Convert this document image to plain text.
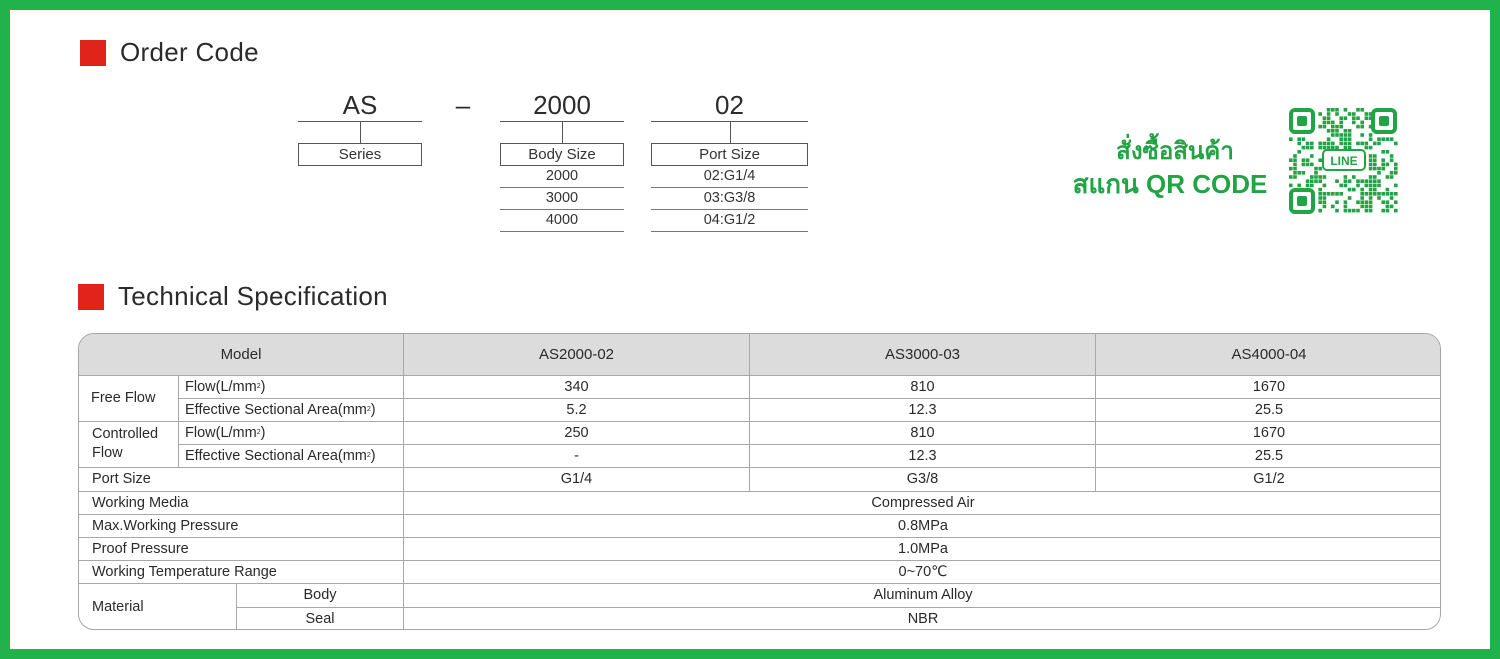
Order Code
AS
Series
–	2000
Body Size
2000
3000
4000
02
Port Size
02:G1/4
03:G3/8
04:G1/2
สั่งซื้อสินค้า
สแกน QR CODE
LINE
Technical Specification
Model	AS2000-02	AS3000-03	AS4000-04
Free Flow
Flow(L/mm 2 )	340	810	1670
Effective Sectional Area(mm 2 )	5.2	12.3	25.5
Controlled
Flow
Flow(L/mm 2 )	250	810	1670
Effective Sectional Area(mm 2 )	-	12.3	25.5
Port Size	G1/4	G3/8	G1/2
Working Media	Compressed Air
Max.Working Pressure	0.8MPa
Proof Pressure	1.0MPa
Working Temperature Range	0~70℃
Material
Body	Aluminum Alloy
Seal	NBR
